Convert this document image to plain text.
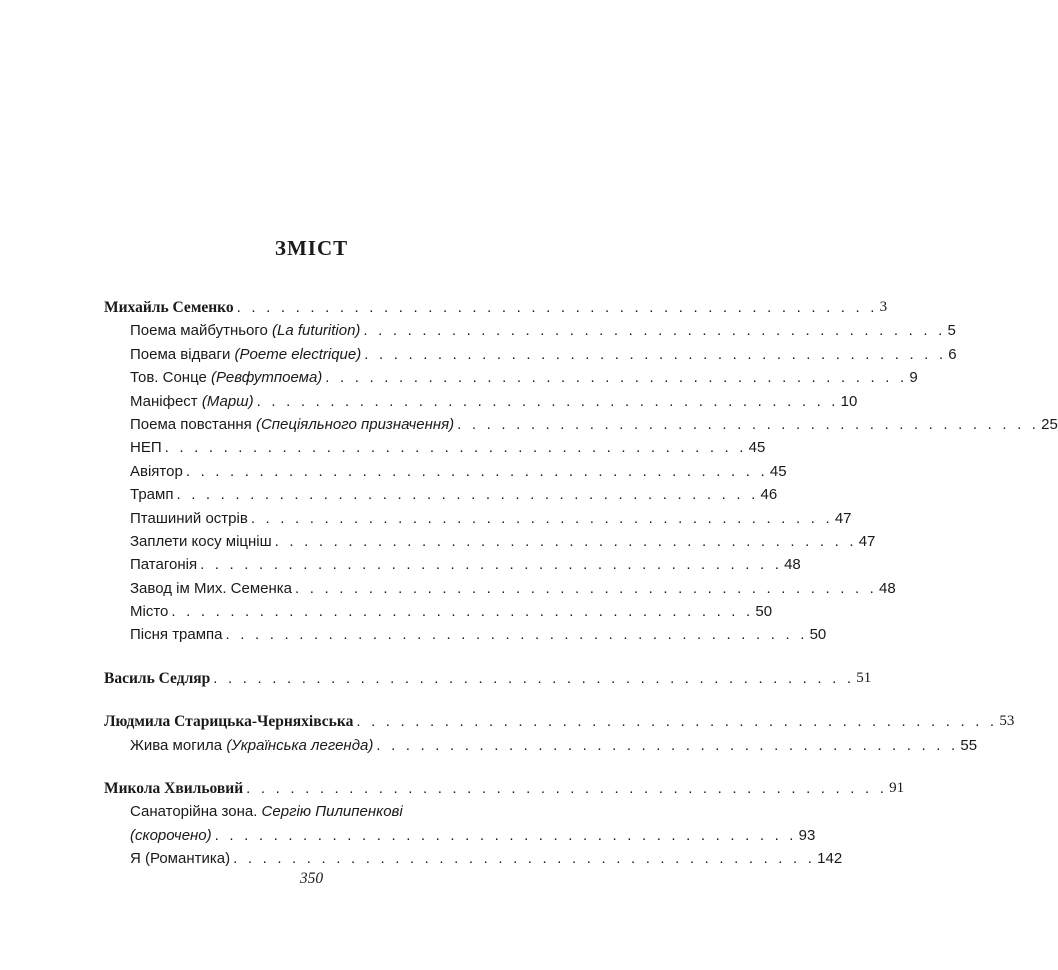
ЗМІСТ
Михайль Семенко . . . . . . . . . . . . . . . . . . . . . . . . . . . . . . . . . . . . . . . . . . . . 3
Поема майбутнього (La futurition) . . . . . . . . . . . . . . . . . . . . . . . . . . . . . . . . . . . . . . . . 5
Поема відваги (Poeme electrique) . . . . . . . . . . . . . . . . . . . . . . . . . . . . . . . . . . . . . . . . 6
Тов. Сонце (Ревфутпоема) . . . . . . . . . . . . . . . . . . . . . . . . . . . . . . . . . . . . . . . . 9
Маніфест (Марш) . . . . . . . . . . . . . . . . . . . . . . . . . . . . . . . . . . . . . . . . 10
Поема повстання (Спеціяльного призначення) . . . . . . . . . . . . . . . . . . . . . . . . . . . . . . . . . . . . . . . . 25
НЕП . . . . . . . . . . . . . . . . . . . . . . . . . . . . . . . . . . . . . . . . 45
Авіятор . . . . . . . . . . . . . . . . . . . . . . . . . . . . . . . . . . . . . . . . 45
Трамп . . . . . . . . . . . . . . . . . . . . . . . . . . . . . . . . . . . . . . . . 46
Пташиний острів . . . . . . . . . . . . . . . . . . . . . . . . . . . . . . . . . . . . . . . . 47
Заплети косу міцніш . . . . . . . . . . . . . . . . . . . . . . . . . . . . . . . . . . . . . . . . 47
Патагонія . . . . . . . . . . . . . . . . . . . . . . . . . . . . . . . . . . . . . . . . 48
Завод ім Мих. Семенка . . . . . . . . . . . . . . . . . . . . . . . . . . . . . . . . . . . . . . . . 48
Місто . . . . . . . . . . . . . . . . . . . . . . . . . . . . . . . . . . . . . . . . 50
Пісня трампа . . . . . . . . . . . . . . . . . . . . . . . . . . . . . . . . . . . . . . . . 50
Василь Седляр . . . . . . . . . . . . . . . . . . . . . . . . . . . . . . . . . . . . . . . . . . . . 51
Людмила Старицька-Черняхівська . . . . . . . . . . . . . . . . . . . . . . . . . . . . . . . . . . . . . . . . . . . . 53
Жива могила (Українська легенда) . . . . . . . . . . . . . . . . . . . . . . . . . . . . . . . . . . . . . . . . 55
Микола Хвильовий . . . . . . . . . . . . . . . . . . . . . . . . . . . . . . . . . . . . . . . . . . . . 91
Санаторійна зона. Сергію Пилипенкові
(скорочено) . . . . . . . . . . . . . . . . . . . . . . . . . . . . . . . . . . . . . . . . 93
Я (Романтика) . . . . . . . . . . . . . . . . . . . . . . . . . . . . . . . . . . . . . . . . 142
350
